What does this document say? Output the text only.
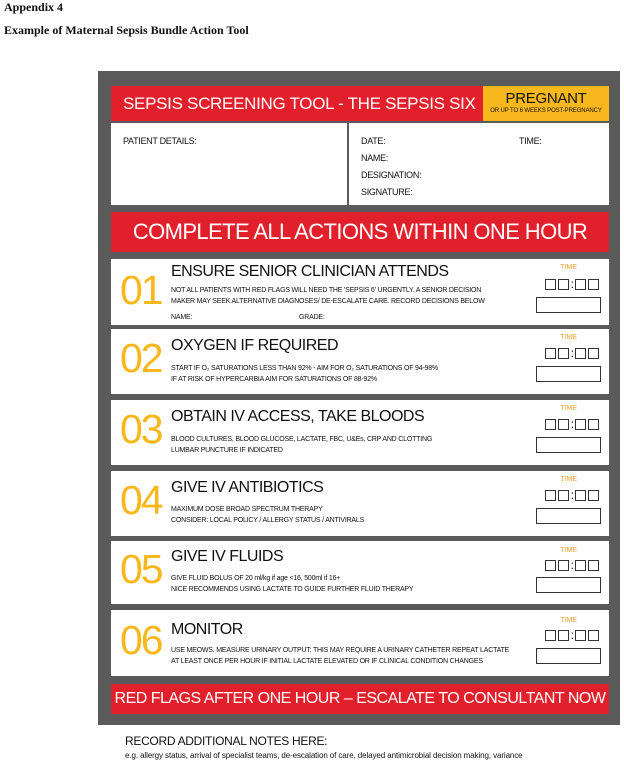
Appendix 4
Example of Maternal Sepsis Bundle Action Tool
SEPSIS SCREENING TOOL - THE SEPSIS SIX	PREGNANT
OR UP TO 6 WEEKS POST-PREGNANCY
PATIENT DETAILS:	DATE:	TIME:
NAME:
DESIGNATION:
SIGNATURE:
COMPLETE ALL ACTIONS WITHIN ONE HOUR
01 ENSURE SENIOR CLINICIAN ATTENDS
NOT ALL PATIENTS WITH RED FLAGS WILL NEED THE 'SEPSIS 6' URGENTLY. A SENIOR DECISION
MAKER MAY SEEK ALTERNATIVE DIAGNOSES/ DE-ESCALATE CARE. RECORD DECISIONS BELOW
NAME:	GRADE:
TIME
:
02 OXYGEN IF REQUIRED
START IF O₂ SATURATIONS LESS THAN 92% - AIM FOR O₂ SATURATIONS OF 94-98%
IF AT RISK OF HYPERCARBIA AIM FOR SATURATIONS OF 88-92%
TIME
:
03 OBTAIN IV ACCESS, TAKE BLOODS
BLOOD CULTURES, BLOOD GLUCOSE, LACTATE, FBC, U&Es, CRP AND CLOTTING
LUMBAR PUNCTURE IF INDICATED
TIME
:
04 GIVE IV ANTIBIOTICS
MAXIMUM DOSE BROAD SPECTRUM THERAPY
CONSIDER: LOCAL POLICY / ALLERGY STATUS / ANTIVIRALS
TIME
:
05 GIVE IV FLUIDS
GIVE FLUID BOLUS OF 20 ml/kg if age <16, 500ml if 16+
NICE RECOMMENDS USING LACTATE TO GUIDE FURTHER FLUID THERAPY
TIME
:
06 MONITOR
USE MEOWS. MEASURE URINARY OUTPUT: THIS MAY REQUIRE A URINARY CATHETER REPEAT LACTATE
AT LEAST ONCE PER HOUR IF INITIAL LACTATE ELEVATED OR IF CLINICAL CONDITION CHANGES
TIME
:
RED FLAGS AFTER ONE HOUR – ESCALATE TO CONSULTANT NOW
RECORD ADDITIONAL NOTES HERE:
e.g. allergy status, arrival of specialist teams, de-escalation of care, delayed antimicrobial decision making, variance
